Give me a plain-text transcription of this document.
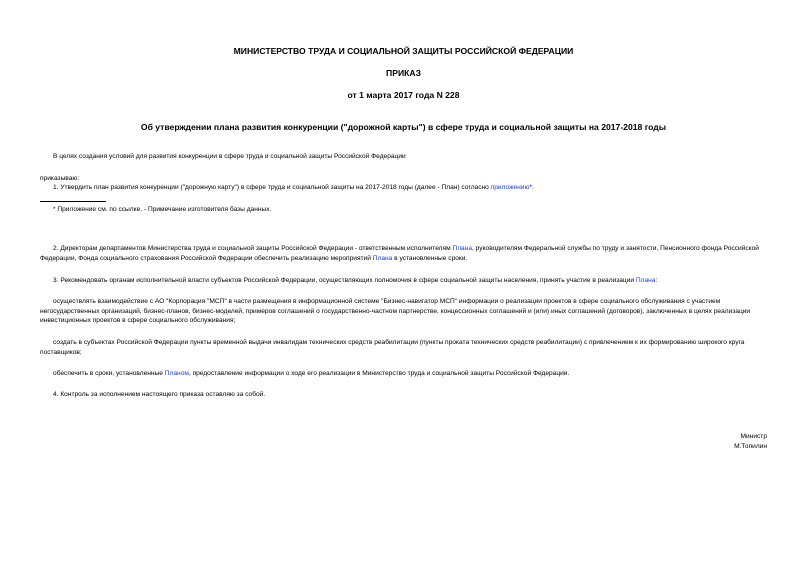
МИНИСТЕРСТВО ТРУДА И СОЦИАЛЬНОЙ ЗАЩИТЫ РОССИЙСКОЙ ФЕДЕРАЦИИ
ПРИКАЗ
от 1 марта 2017 года N 228
Об утверждении плана развития конкуренции ("дорожной карты") в сфере труда и социальной защиты на 2017-2018 годы
В целях создания условий для развития конкуренции в сфере труда и социальной защиты Российской Федерации
приказываю:
1. Утвердить план развития конкуренции ("дорожную карту") в сфере труда и социальной защиты на 2017-2018 годы (далее - План) согласно приложению*.
* Приложение см. по ссылке. - Примечание изготовителя базы данных.
2. Директорам департаментов Министерства труда и социальной защиты Российской Федерации - ответственным исполнителям Плана, руководителям Федеральной службы по труду и занятости, Пенсионного фонда Российской Федерации, Фонда социального страхования Российской Федерации обеспечить реализацию мероприятий Плана в установленные сроки.
3. Рекомендовать органам исполнительной власти субъектов Российской Федерации, осуществляющих полномочия в сфере социальной защиты населения, принять участие в реализации Плана:
осуществлять взаимодействие с АО "Корпорация "МСП" в части размещения в информационной системе "Бизнес-навигатор МСП" информации о реализации проектов в сфере социального обслуживания с участием негосударственных организаций, бизнес-планов, бизнес-моделей, примеров соглашений о государственно-частном партнерстве, концессионных соглашений и (или) иных соглашений (договоров), заключенных в целях реализации инвестиционных проектов в сфере социального обслуживания;
создать в субъектах Российской Федерации пункты временной выдачи инвалидам технических средств реабилитации (пункты проката технических средств реабилитации) с привлечением к их формированию широкого круга поставщиков;
обеспечить в сроки, установленные Планом, предоставление информации о ходе его реализации в Министерство труда и социальной защиты Российской Федерации.
4. Контроль за исполнением настоящего приказа оставляю за собой.
Министр
М.Топилин
